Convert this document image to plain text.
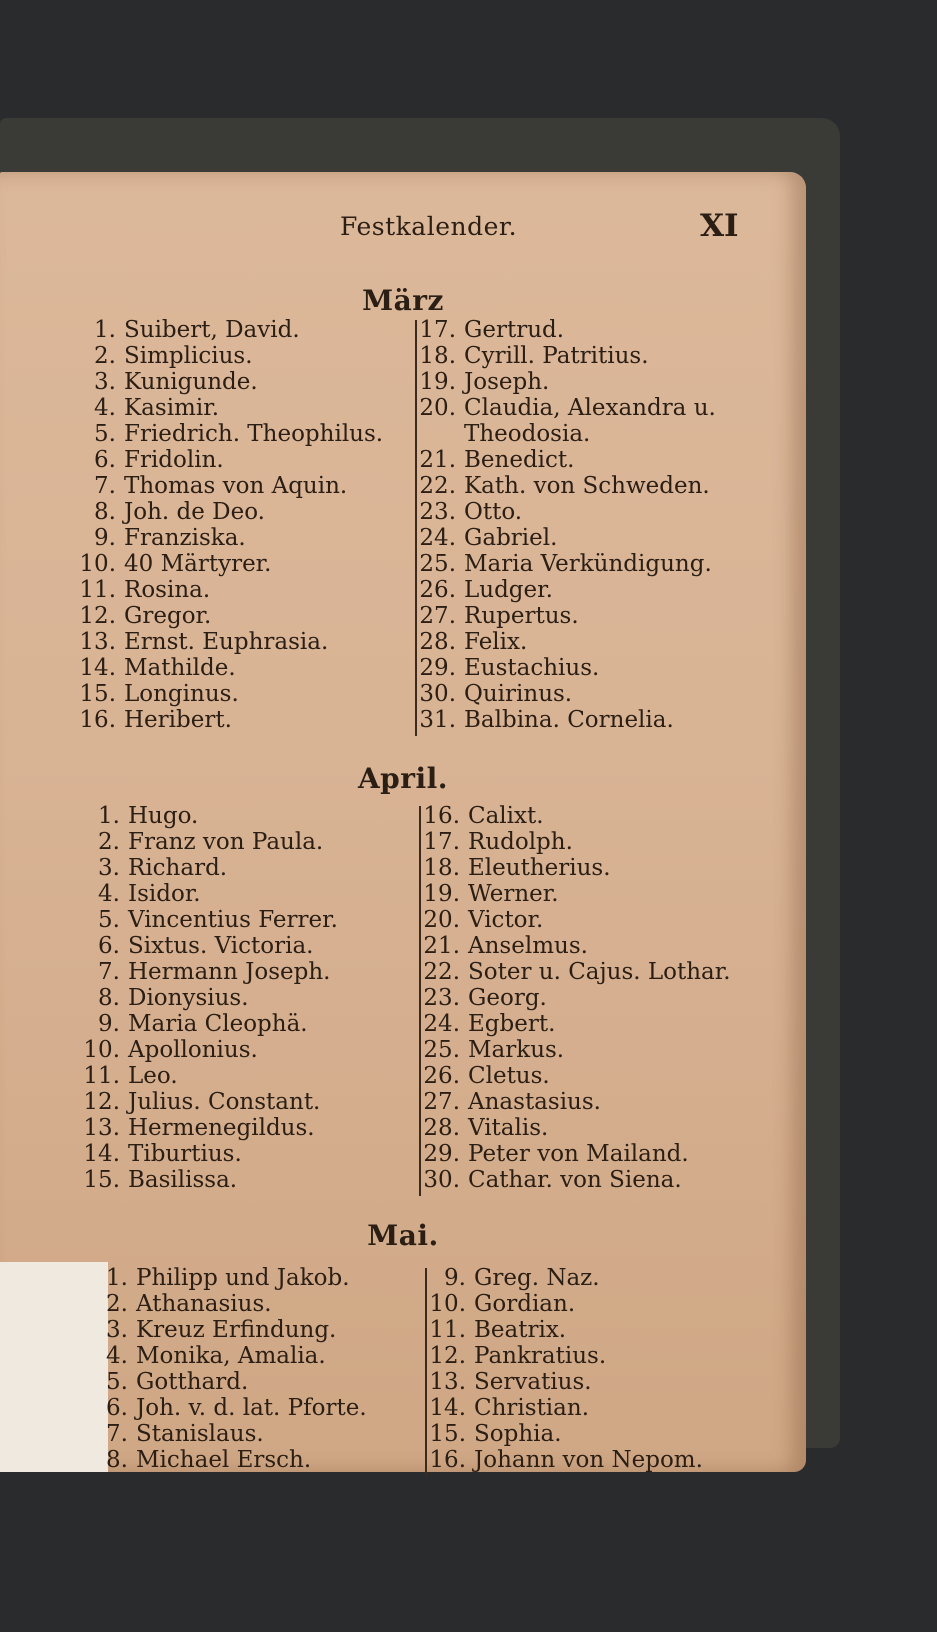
Festkalender.	XI
März
1. Suibert, David.
2. Simplicius.
3. Kunigunde.
4. Kasimir.
5. Friedrich. Theophilus.
6. Fridolin.
7. Thomas von Aquin.
8. Joh. de Deo.
9. Franziska.
10. 40 Märtyrer.
11. Rosina.
12. Gregor.
13. Ernst. Euphrasia.
14. Mathilde.
15. Longinus.
16. Heribert.
17. Gertrud.
18. Cyrill. Patritius.
19. Joseph.
20. Claudia, Alexandra u.
Theodosia.
21. Benedict.
22. Kath. von Schweden.
23. Otto.
24. Gabriel.
25. Maria Verkündigung.
26. Ludger.
27. Rupertus.
28. Felix.
29. Eustachius.
30. Quirinus.
31. Balbina. Cornelia.
April.
1. Hugo.
2. Franz von Paula.
3. Richard.
4. Isidor.
5. Vincentius Ferrer.
6. Sixtus. Victoria.
7. Hermann Joseph.
8. Dionysius.
9. Maria Cleophä.
10. Apollonius.
11. Leo.
12. Julius. Constant.
13. Hermenegildus.
14. Tiburtius.
15. Basilissa.
16. Calixt.
17. Rudolph.
18. Eleutherius.
19. Werner.
20. Victor.
21. Anselmus.
22. Soter u. Cajus. Lothar.
23. Georg.
24. Egbert.
25. Markus.
26. Cletus.
27. Anastasius.
28. Vitalis.
29. Peter von Mailand.
30. Cathar. von Siena.
Mai.
1. Philipp und Jakob.
2. Athanasius.
3. Kreuz Erfindung.
4. Monika, Amalia.
5. Gotthard.
6. Joh. v. d. lat. Pforte.
7. Stanislaus.
8. Michael Ersch.
9. Greg. Naz.
10. Gordian.
11. Beatrix.
12. Pankratius.
13. Servatius.
14. Christian.
15. Sophia.
16. Johann von Nepom.
